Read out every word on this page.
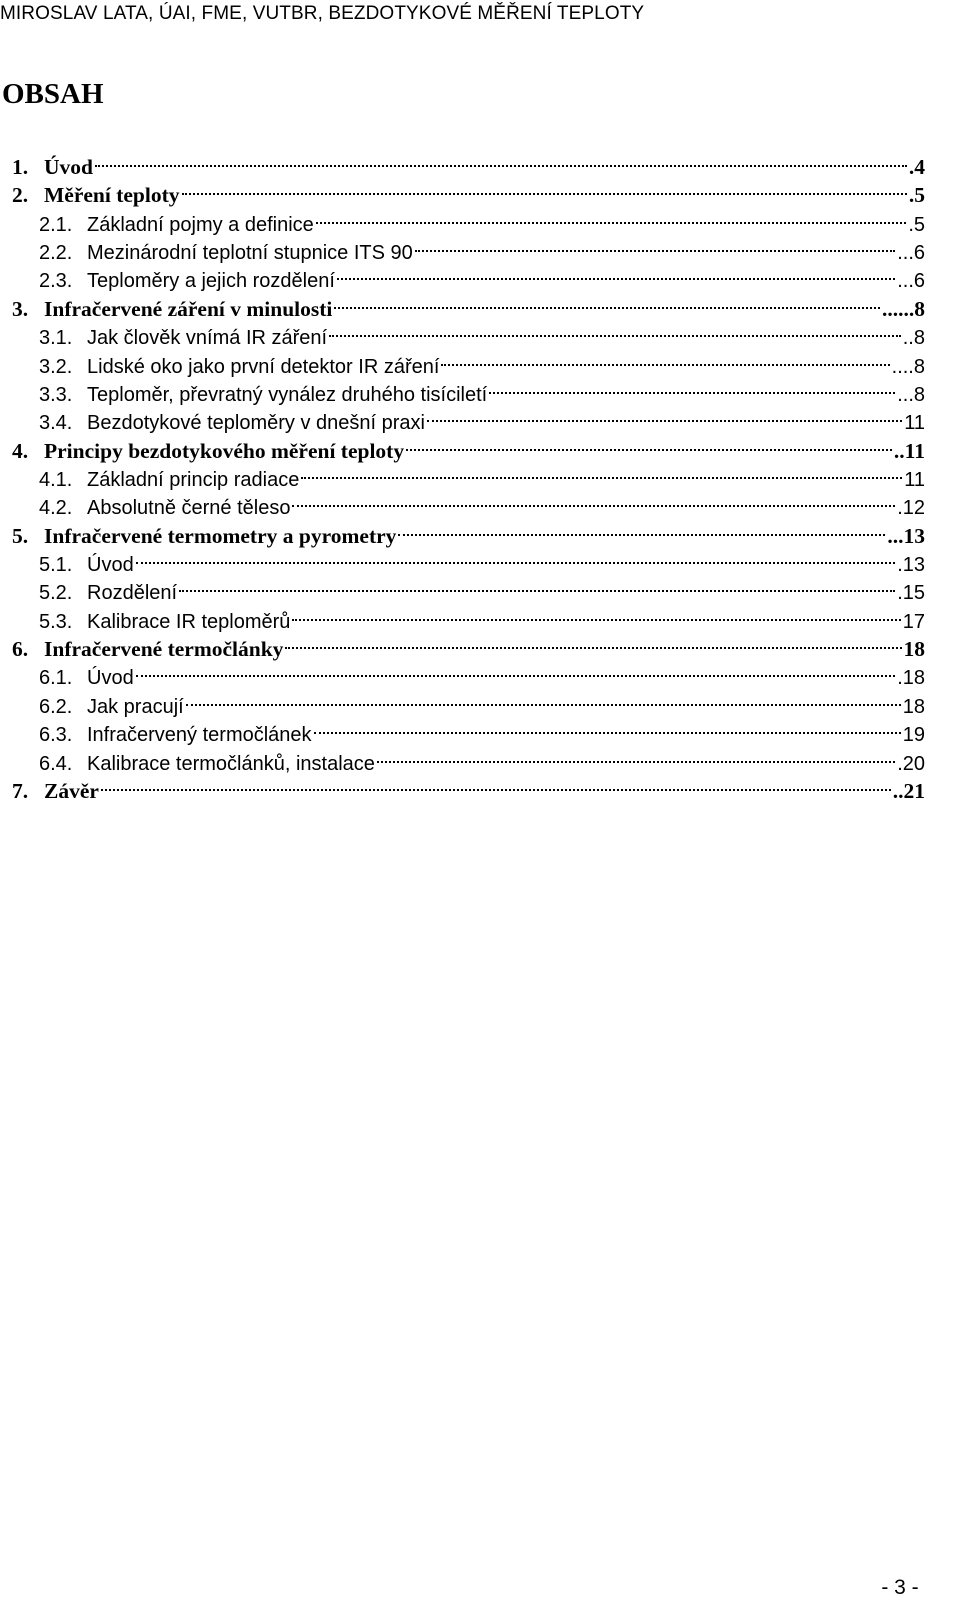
MIROSLAV LATA, ÚAI, FME, VUTBR, BEZDOTYKOVÉ MĚŘENÍ TEPLOTY
OBSAH
1. Úvod	.4
2. Měření teploty	.5
2.1. Základní pojmy a definice	.5
2.2. Mezinárodní teplotní stupnice ITS 90	...6
2.3. Teploměry a jejich rozdělení	...6
3. Infračervené záření v minulosti	......8
3.1. Jak člověk vnímá IR záření	..8
3.2. Lidské oko jako první detektor IR záření	....8
3.3. Teploměr, převratný vynález druhého tisíciletí	...8
3.4. Bezdotykové teploměry v dnešní praxi	11
4. Principy bezdotykového měření teploty	..11
4.1. Základní princip radiace	11
4.2. Absolutně černé těleso	.12
5. Infračervené termometry a pyrometry	...13
5.1. Úvod	.13
5.2. Rozdělení	.15
5.3. Kalibrace IR teploměrů	17
6. Infračervené termočlánky	18
6.1. Úvod	.18
6.2. Jak pracují	18
6.3. Infračervený termočlánek	19
6.4. Kalibrace termočlánků, instalace	.20
7. Závěr	..21
- 3 -
